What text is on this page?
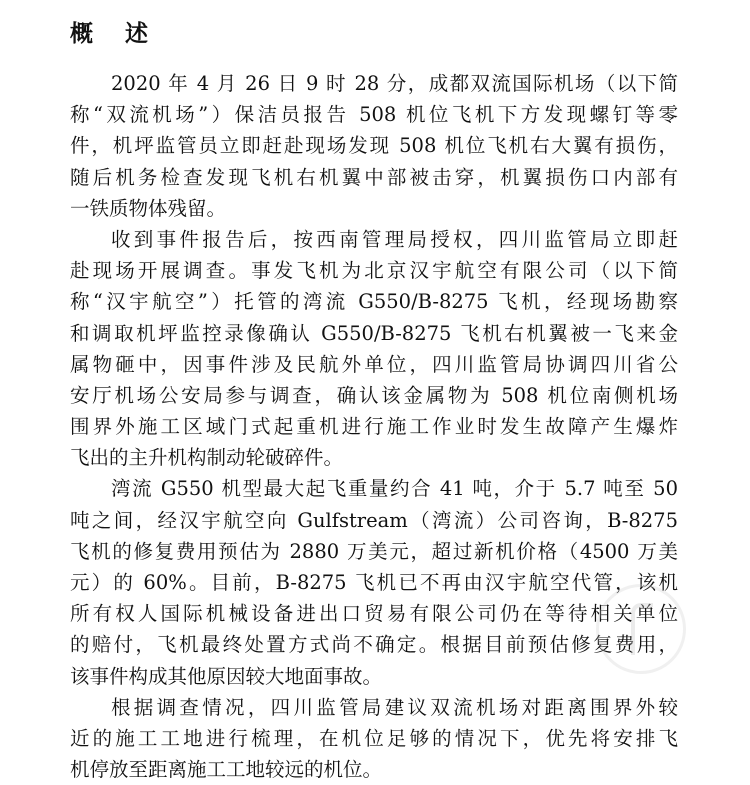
概 述
2020 年 4 月 26 日 9 时 28 分，成都双流国际机场（以下简
称“双流机场”）保洁员报告 508 机位飞机下方发现螺钉等零
件，机坪监管员立即赶赴现场发现 508 机位飞机右大翼有损伤，
随后机务检查发现飞机右机翼中部被击穿，机翼损伤口内部有
一铁质物体残留。
收到事件报告后，按西南管理局授权，四川监管局立即赶
赴现场开展调查。事发飞机为北京汉宇航空有限公司（以下简
称“汉宇航空”）托管的湾流 G550/B-8275 飞机，经现场勘察
和调取机坪监控录像确认 G550/B-8275 飞机右机翼被一飞来金
属物砸中，因事件涉及民航外单位，四川监管局协调四川省公
安厅机场公安局参与调查，确认该金属物为 508 机位南侧机场
围界外施工区域门式起重机进行施工作业时发生故障产生爆炸
飞出的主升机构制动轮破碎件。
湾流 G550 机型最大起飞重量约合 41 吨，介于 5.7 吨至 50
吨之间，经汉宇航空向 Gulfstream（湾流）公司咨询，B-8275
飞机的修复费用预估为 2880 万美元，超过新机价格（4500 万美
元）的 60%。目前，B-8275 飞机已不再由汉宇航空代管，该机
所有权人国际机械设备进出口贸易有限公司仍在等待相关单位
的赔付，飞机最终处置方式尚不确定。根据目前预估修复费用，
该事件构成其他原因较大地面事故。
根据调查情况，四川监管局建议双流机场对距离围界外较
近的施工工地进行梳理，在机位足够的情况下，优先将安排飞
机停放至距离施工工地较远的机位。
